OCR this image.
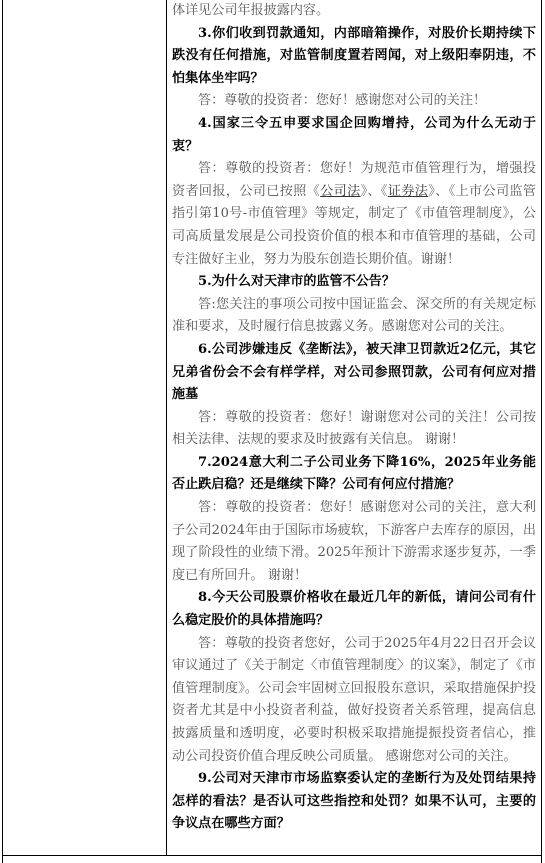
体详见公司年报披露内容。

3.你们收到罚款通知，内部暗箱操作，对股价长期持续下跌没有任何措施，对监管制度置若罔闻，对上级阳奉阴违，不怕集体坐牢吗？

答：尊敬的投资者：您好！感谢您对公司的关注！

4.国家三令五申要求国企回购增持，公司为什么无动于衷？

答：尊敬的投资者：您好！为规范市值管理行为，增强投资者回报，公司已按照《公司法》、《证券法》、《上市公司监管指引第10号-市值管理》等规定，制定了《市值管理制度》，公司高质量发展是公司投资价值的根本和市值管理的基础，公司专注做好主业，努力为股东创造长期价值。谢谢！

5.为什么对天津市的监管不公告？

答:您关注的事项公司按中国证监会、深交所的有关规定标准和要求，及时履行信息披露义务。感谢您对公司的关注。

6.公司涉嫌违反《垄断法》，被天津卫罚款近2亿元，其它兄弟省份会不会有样学样，对公司参照罚款，公司有何应对措施墓

答：尊敬的投资者：您好！谢谢您对公司的关注！公司按相关法律、法规的要求及时披露有关信息。 谢谢！

7.2024意大利二子公司业务下降16%，2025年业务能否止跌启稳？还是继续下降？公司有何应付措施？

答：尊敬的投资者：您好！感谢您对公司的关注，意大利子公司2024年由于国际市场疲软，下游客户去库存的原因，出现了阶段性的业绩下滑。2025年预计下游需求逐步复苏，一季度已有所回升。 谢谢！

8.今天公司股票价格收在最近几年的新低，请问公司有什么稳定股价的具体措施吗？

答：尊敬的投资者您好，公司于2025年4月22日召开会议审议通过了《关于制定〈市值管理制度〉的议案》，制定了《市值管理制度》。公司会牢固树立回报股东意识，采取措施保护投资者尤其是中小投资者利益，做好投资者关系管理，提高信息披露质量和透明度，必要时积极采取措施提振投资者信心，推动公司投资价值合理反映公司质量。 感谢您对公司的关注。

9.公司对天津市市场监察委认定的垄断行为及处罚结果持怎样的看法？是否认可这些指控和处罚？如果不认可，主要的争议点在哪些方面？
